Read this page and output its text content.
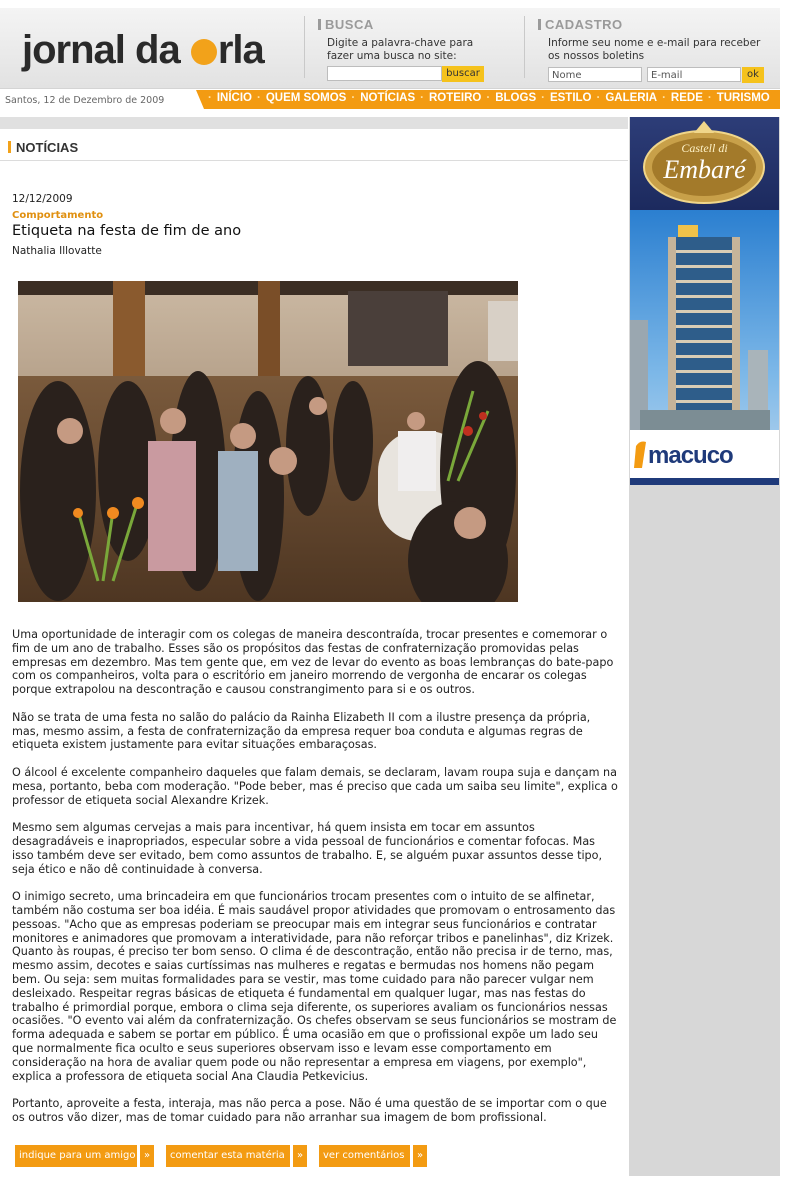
jornal da rla
BUSCA
Digite a palavra-chave para fazer uma busca no site:
buscar
CADASTRO
Informe seu nome e e-mail para receber os nossos boletins
Nome	E-mail	ok
Santos, 12 de Dezembro de 2009	· INÍCIO · QUEM SOMOS · NOTÍCIAS · ROTEIRO · BLOGS · ESTILO · GALERIA · REDE · TURISMO
NOTÍCIAS
12/12/2009
Comportamento
Etiqueta na festa de fim de ano
Nathalia Illovatte

Uma oportunidade de interagir com os colegas de maneira descontraída, trocar presentes e comemorar o fim de um ano de trabalho. Esses são os propósitos das festas de confraternização promovidas pelas empresas em dezembro. Mas tem gente que, em vez de levar do evento as boas lembranças do bate-papo com os companheiros, volta para o escritório em janeiro morrendo de vergonha de encarar os colegas porque extrapolou na descontração e causou constrangimento para si e os outros.

Não se trata de uma festa no salão do palácio da Rainha Elizabeth II com a ilustre presença da própria, mas, mesmo assim, a festa de confraternização da empresa requer boa conduta e algumas regras de etiqueta existem justamente para evitar situações embaraçosas.

O álcool é excelente companheiro daqueles que falam demais, se declaram, lavam roupa suja e dançam na mesa, portanto, beba com moderação. "Pode beber, mas é preciso que cada um saiba seu limite", explica o professor de etiqueta social Alexandre Krizek.

Mesmo sem algumas cervejas a mais para incentivar, há quem insista em tocar em assuntos desagradáveis e inapropriados, especular sobre a vida pessoal de funcionários e comentar fofocas. Mas isso também deve ser evitado, bem como assuntos de trabalho. E, se alguém puxar assuntos desse tipo, seja ético e não dê continuidade à conversa.

O inimigo secreto, uma brincadeira em que funcionários trocam presentes com o intuito de se alfinetar, também não costuma ser boa idéia. É mais saudável propor atividades que promovam o entrosamento das pessoas. "Acho que as empresas poderiam se preocupar mais em integrar seus funcionários e contratar monitores e animadores que promovam a interatividade, para não reforçar tribos e panelinhas", diz Krizek. Quanto às roupas, é preciso ter bom senso. O clima é de descontração, então não precisa ir de terno, mas, mesmo assim, decotes e saias curtíssimas nas mulheres e regatas e bermudas nos homens não pegam bem. Ou seja: sem muitas formalidades para se vestir, mas tome cuidado para não parecer vulgar nem desleixado. Respeitar regras básicas de etiqueta é fundamental em qualquer lugar, mas nas festas do trabalho é primordial porque, embora o clima seja diferente, os superiores avaliam os funcionários nessas ocasiões. "O evento vai além da confraternização. Os chefes observam se seus funcionários se mostram de forma adequada e sabem se portar em público. É uma ocasião em que o profissional expõe um lado seu que normalmente fica oculto e seus superiores observam isso e levam esse comportamento em consideração na hora de avaliar quem pode ou não representar a empresa em viagens, por exemplo", explica a professora de etiqueta social Ana Claudia Petkevicius.

Portanto, aproveite a festa, interaja, mas não perca a pose. Não é uma questão de se importar com o que os outros vão dizer, mas de tomar cuidado para não arranhar sua imagem de bom profissional.

indique para um amigo »	comentar esta matéria	»	ver comentários	»
Castell di
Embaré
macuco
